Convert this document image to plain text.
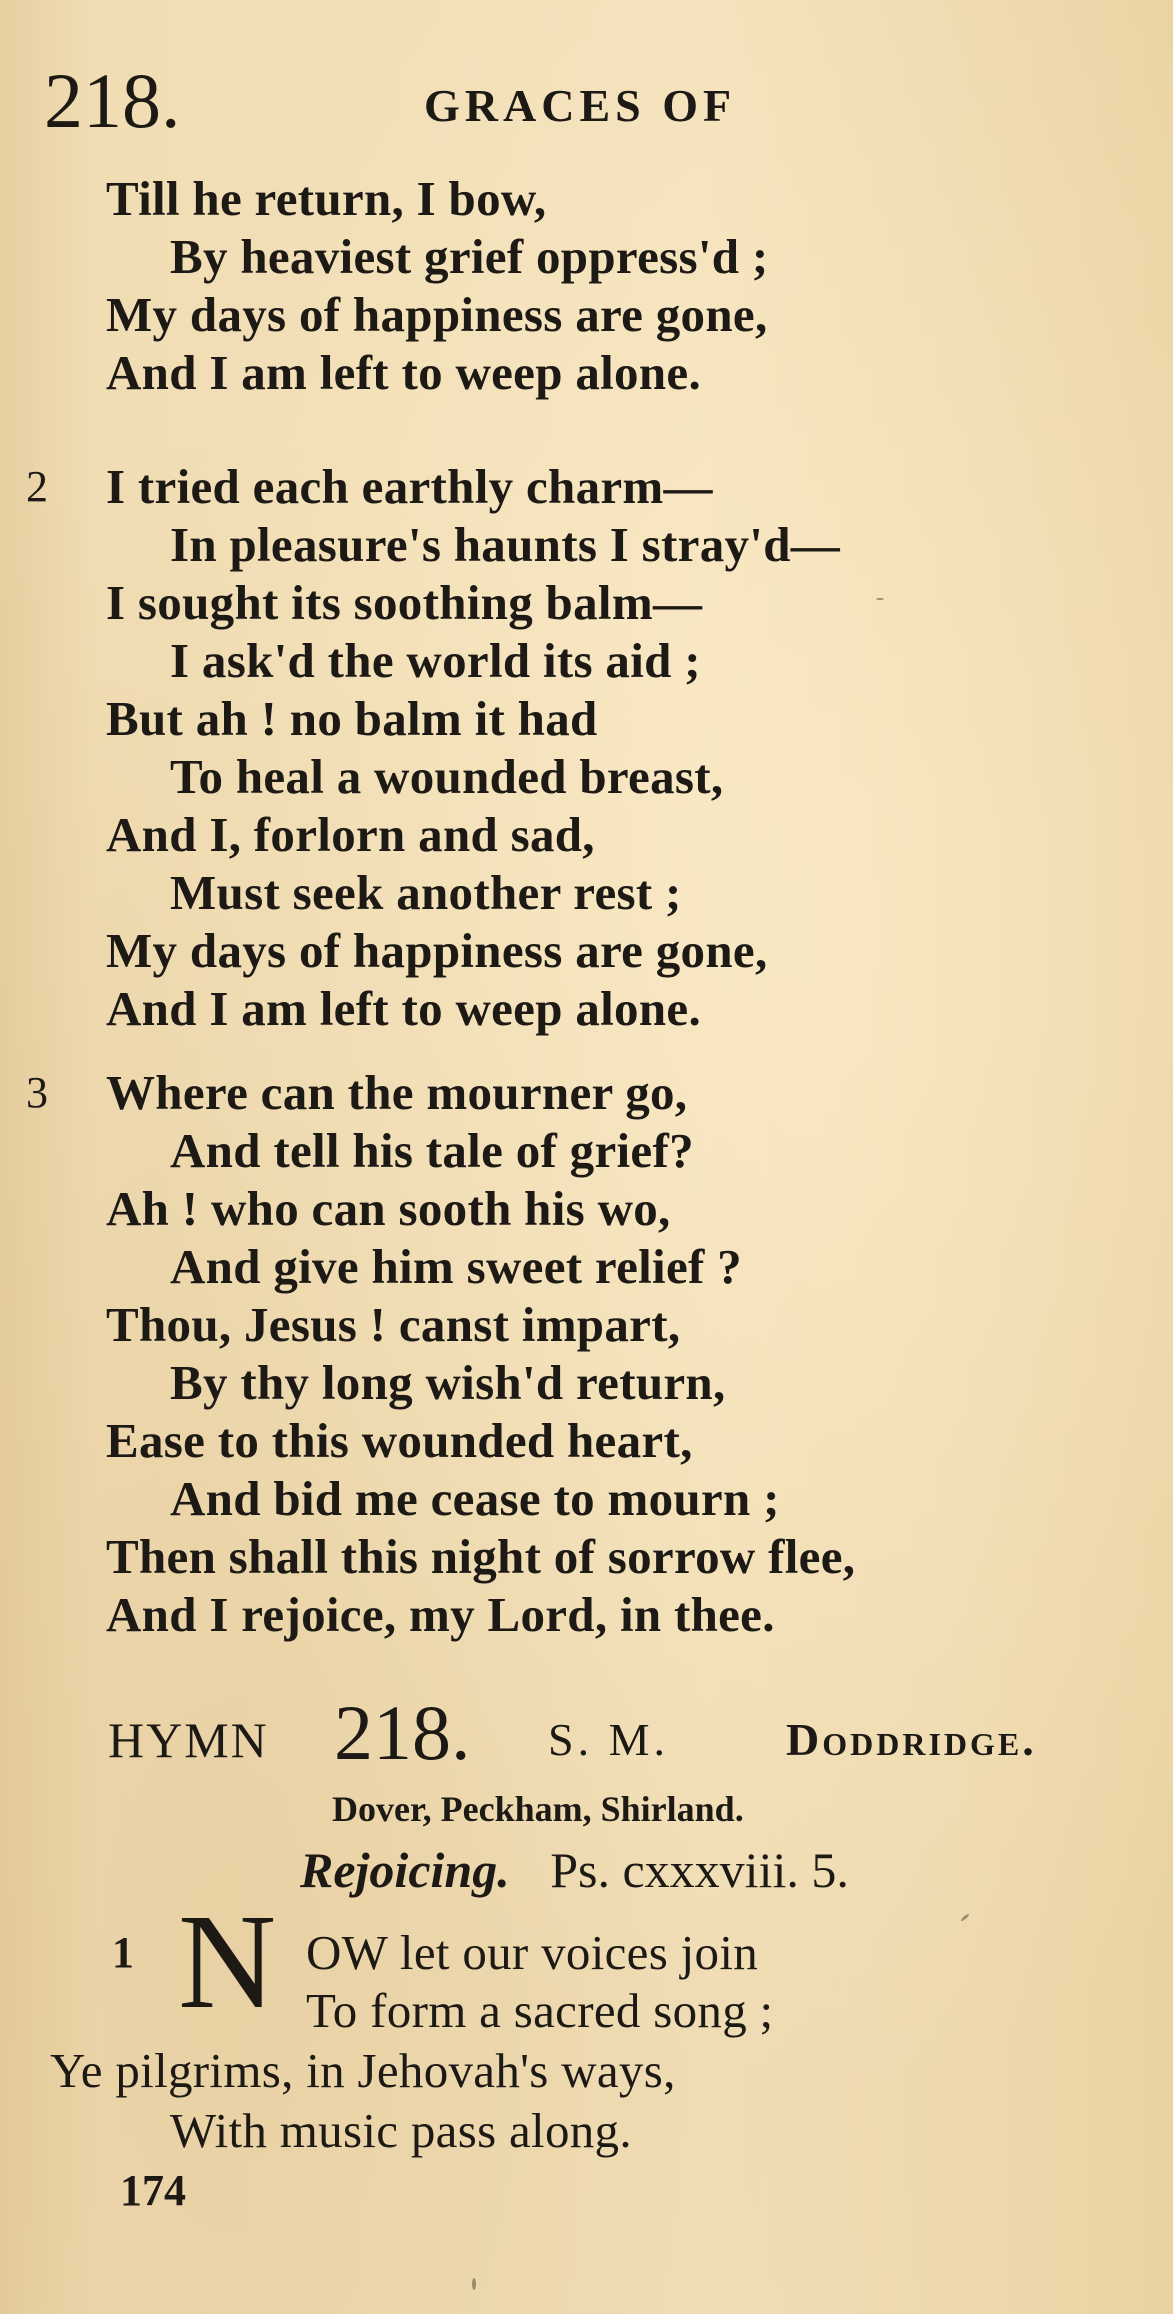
218.	GRACES OF
Till he return, I bow,
By heaviest grief oppress'd ;
My days of happiness are gone,
And I am left to weep alone.
2 I tried each earthly charm—
In pleasure's haunts I stray'd—
I sought its soothing balm—
I ask'd the world its aid ;
But ah ! no balm it had
To heal a wounded breast,
And I, forlorn and sad,
Must seek another rest ;
My days of happiness are gone,
And I am left to weep alone.
3 Where can the mourner go,
And tell his tale of grief?
Ah ! who can sooth his wo,
And give him sweet relief ?
Thou, Jesus ! canst impart,
By thy long wish'd return,
Ease to this wounded heart,
And bid me cease to mourn ;
Then shall this night of sorrow flee,
And I rejoice, my Lord, in thee.
HYMN 218. S. M.	Doddridge.
Dover, Peckham, Shirland.
Rejoicing. Ps. cxxxviii. 5.
1 N OW let our voices join
To form a sacred song ;
Ye pilgrims, in Jehovah's ways,
With music pass along.
174
